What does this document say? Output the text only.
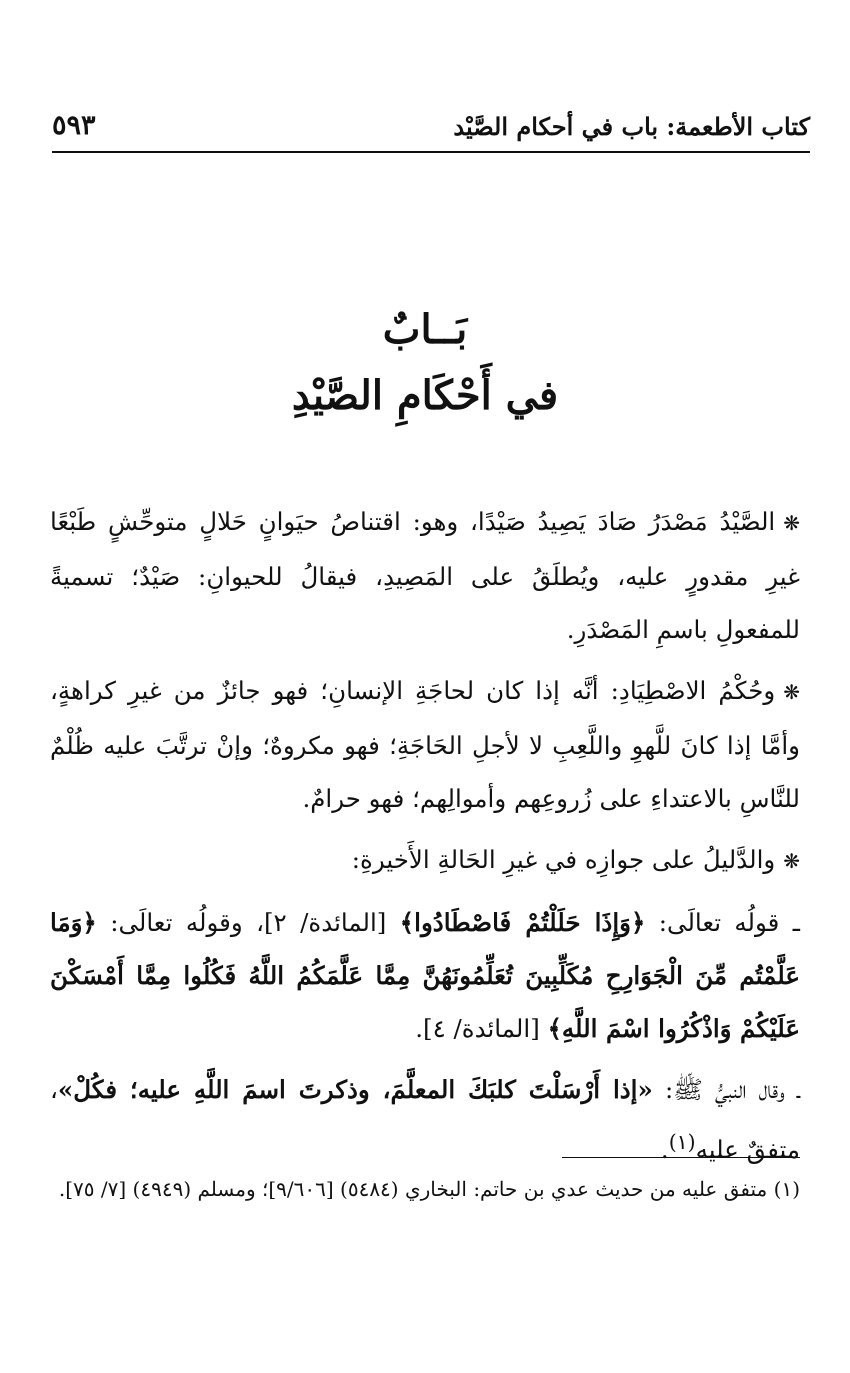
٥٩٣	كتاب الأطعمة: باب في أحكام الصَّيْد
بَــابٌ
في أَحْكَامِ الصَّيْدِ

❋الصَّيْدُ مَصْدَرُ صَادَ يَصِيدُ صَيْدًا، وهو: اقتناصُ حيَوانٍ حَلالٍ متوحِّشٍ طَبْعًا غيرِ مقدورٍ عليه، ويُطلَقُ على المَصِيدِ، فيقالُ للحيوانِ: صَيْدٌ؛ تسميةً للمفعولِ باسمِ المَصْدَرِ.

❋وحُكْمُ الاصْطِيَادِ: أنَّه إذا كان لحاجَةِ الإنسانِ؛ فهو جائزٌ من غيرِ كراهةٍ، وأمَّا إذا كانَ للَّهوِ واللَّعِبِ لا لأجلِ الحَاجَةِ؛ فهو مكروهٌ؛ وإنْ ترتَّبَ عليه ظُلْمٌ للنَّاسِ بالاعتداءِ على زُروعِهم وأموالِهم؛ فهو حرامٌ.

❋والدَّليلُ على جوازِه في غيرِ الحَالةِ الأَخيرةِ:

ـ قولُه تعالَى: ﴿وَإِذَا حَلَلْتُمْ فَاصْطَادُوا﴾ [المائدة/ ٢]، وقولُه تعالَى: ﴿وَمَا عَلَّمْتُم مِّنَ الْجَوَارِحِ مُكَلِّبِينَ تُعَلِّمُونَهُنَّ مِمَّا عَلَّمَكُمُ اللَّهُ فَكُلُوا مِمَّا أَمْسَكْنَ عَلَيْكُمْ وَاذْكُرُوا اسْمَ اللَّهِ﴾ [المائدة/ ٤].

ـ وقال النبيُّ ﷺ: «إذا أَرْسَلْتَ كلبَكَ المعلَّمَ، وذكرتَ اسمَ اللَّهِ عليه؛ فكُلْ»، متفقٌ عليه$^{(١)}$.

(١) متفق عليه من حديث عدي بن حاتم: البخاري (٥٤٨٤) [٩/٦٠٦]؛ ومسلم (٤٩٤٩) [٧/ ٧٥].
